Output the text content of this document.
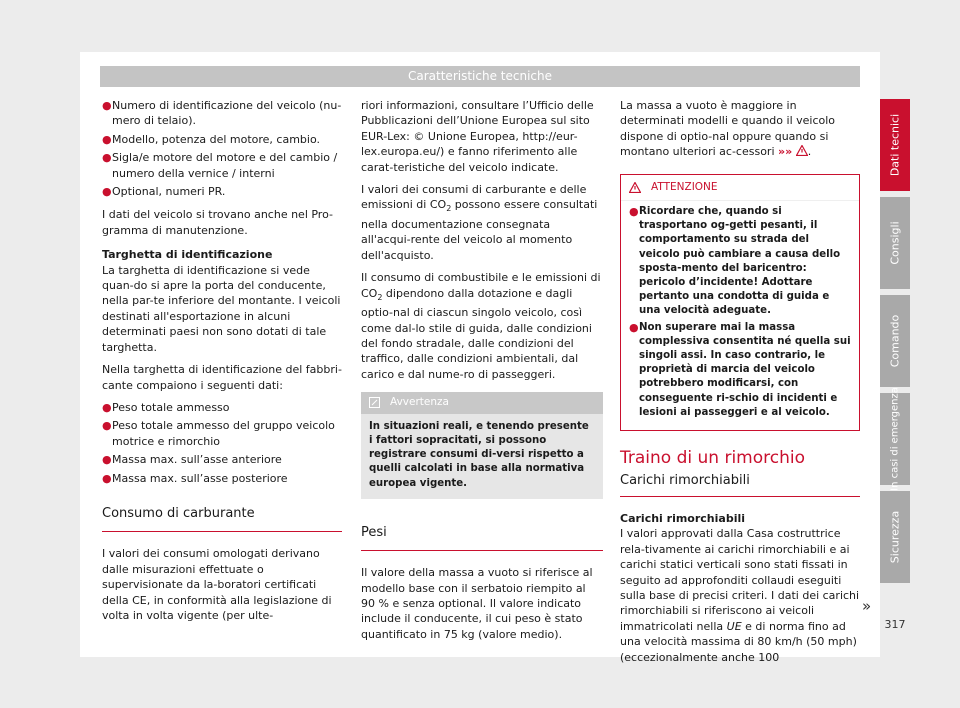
Caratteristiche tecniche
● Numero di identificazione del veicolo (nu-mero di telaio).
● Modello, potenza del motore, cambio.
● Sigla/e motore del motore e del cambio / numero della vernice / interni
● Optional, numeri PR.

I dati del veicolo si trovano anche nel Pro-gramma di manutenzione.

Targhetta di identificazione

La targhetta di identificazione si vede quan-do si apre la porta del conducente, nella par-te inferiore del montante. I veicoli destinati all'esportazione in alcuni determinati paesi non sono dotati di tale targhetta.

Nella targhetta di identificazione del fabbri-cante compaiono i seguenti dati:

● Peso totale ammesso
● Peso totale ammesso del gruppo veicolo motrice e rimorchio
● Massa max. sull’asse anteriore
● Massa max. sull’asse posteriore
Consumo di carburante

I valori dei consumi omologati derivano dalle misurazioni effettuate o supervisionate da la-boratori certificati della CE, in conformità alla legislazione di volta in volta vigente (per ulte-

riori informazioni, consultare l’Ufficio delle Pubblicazioni dell’Unione Europea sul sito EUR-Lex: © Unione Europea, http://eur-lex.europa.eu/) e fanno riferimento alle carat-teristiche del veicolo indicate.

I valori dei consumi di carburante e delle emissioni di $CO_2$ possono essere consultati nella documentazione consegnata all'acqui-rente del veicolo al momento dell'acquisto.

Il consumo di combustibile e le emissioni di $CO_2$ dipendono dalla dotazione e dagli optio-nal di ciascun singolo veicolo, così come dal-lo stile di guida, dalle condizioni del fondo stradale, dalle condizioni del traffico, dalle condizioni ambientali, dal carico e dal nume-ro di passeggeri.

Avvertenza
In situazioni reali, e tenendo presente i fattori sopracitati, si possono registrare consumi di-versi rispetto a quelli calcolati in base alla normativa europea vigente.
Pesi

Il valore della massa a vuoto si riferisce al modello base con il serbatoio riempito al 90 % e senza optional. Il valore indicato include il conducente, il cui peso è stato quantificato in 75 kg (valore medio).

La massa a vuoto è maggiore in determinati modelli e quando il veicolo dispone di optio-nal oppure quando si montano ulteriori ac-cessori »» .

ATTENZIONE
● Ricordare che, quando si trasportano og-getti pesanti, il comportamento su strada del veicolo può cambiare a causa dello sposta-mento del baricentro: pericolo d’incidente! Adottare pertanto una condotta di guida e una velocità adeguate.
● Non superare mai la massa complessiva consentita né quella sui singoli assi. In caso contrario, le proprietà di marcia del veicolo potrebbero modificarsi, con conseguente ri-schio di incidenti e lesioni ai passeggeri e al veicolo.
Traino di un rimorchio
Carichi rimorchiabili
Carichi rimorchiabili

I valori approvati dalla Casa costruttrice rela-tivamente ai carichi rimorchiabili e ai carichi statici verticali sono stati fissati in seguito ad approfonditi collaudi eseguiti sulla base di precisi criteri. I dati dei carichi rimorchiabili si riferiscono ai veicoli immatricolati nella UE e di norma fino ad una velocità massima di 80 km/h (50 mph) (eccezionalmente anche 100

»
Dati tecnici
Consigli
Comando
In casi di emergenza
Sicurezza
317
